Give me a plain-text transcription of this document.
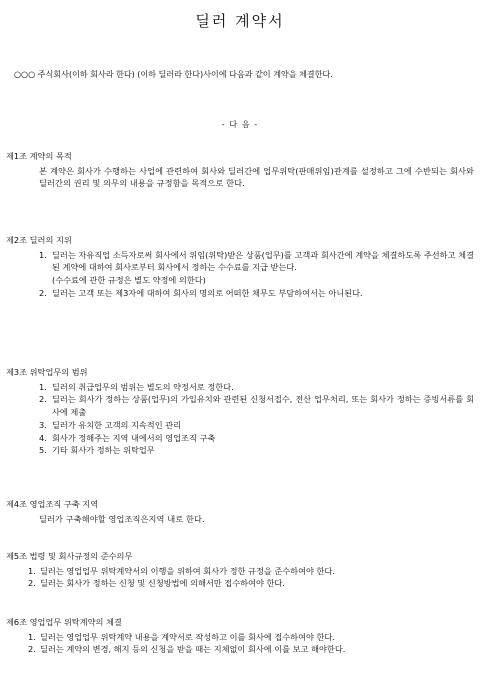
딜러 계약서
○○○ 주식회사(이하 회사라 한다) (이하 딜러라 한다)사이에 다음과 같이 계약을 체결한다.
- 다 음 -
제1조 계약의 목적
본 계약은 회사가 수행하는 사업에 관련하여 회사와 딜러간에 업무위탁(판매위임)관계를 설정하고 그에 수반되는 회사와 딜러간의 권리 및 의무의 내용을 규정함을 목적으로 한다.
제2조 딜러의 지위
1. 딜러는 자유직업 소득자로써 회사에서 위임(위탁)받은 상품(업무)를 고객과 회사간에 계약을 체결하도록 주선하고 체결된 계약에 대하여 회사로부터 회사에서 정하는 수수료를 지급 받는다.
(수수료에 관한 규정은 별도 약정에 의한다)
2. 딜러는 고객 또는 제3자에 대하여 회사의 명의로 어떠한 채무도 부담하여서는 아니된다.
제3조 위탁업무의 범위
1. 딜러의 취급업무의 범위는 별도의 약정서로 정한다.
2. 딜러는 회사가 정하는 상품(업무)의 가입유치와 관련된 신청서접수, 전산 업무처리, 또는 회사가 정하는 증빙서류를 회사에 제출
3. 딜러가 유치한 고객의 지속적인 관리
4. 회사가 정해주는 지역 내에서의 영업조직 구축
5. 기타 회사가 정하는 위탁업무
제4조 영업조직 구축 지역
딜러가 구축해야할 영업조직은지역 내로 한다.
제5조 법령 및 회사규정의 준수의무
1. 딜러는 영업업무 위탁계약서의 이행을 위하여 회사가 정한 규정을 준수하여야 한다.
2. 딜러는 회사가 정하는 신청 및 신청방법에 의해서만 접수하여야 한다.
제6조 영업업무 위탁계약의 체결
1. 딜러는 영업업무 위탁계약 내용을 계약서로 작성하고 이를 회사에 접수하여야 한다.
2. 딜러는 계약의 변경, 해지 등의 신청을 받을 때는 지체없이 회사에 이를 보고 해야한다.
